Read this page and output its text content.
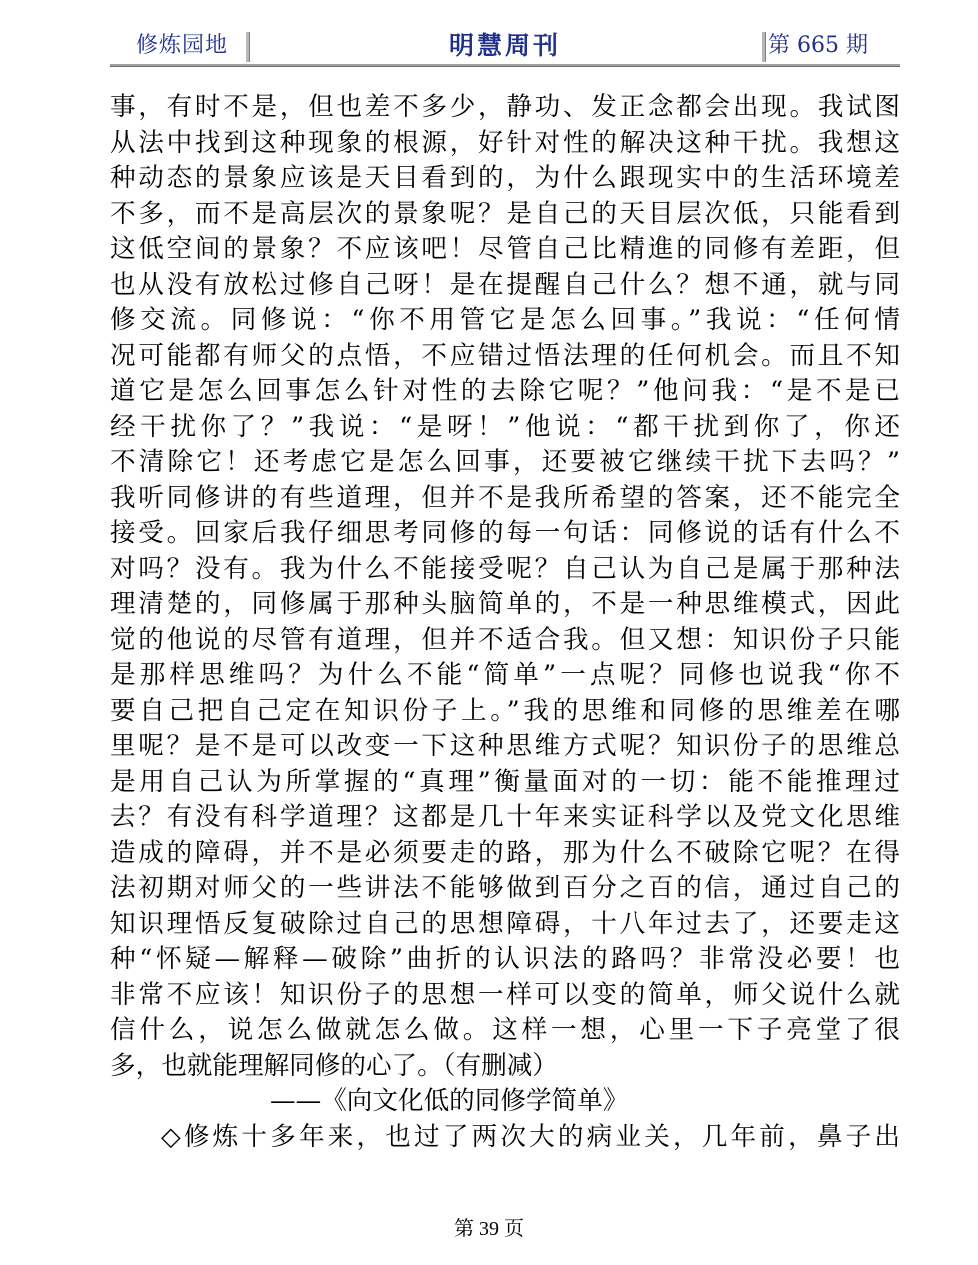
修炼园地	明慧周刊	第 665 期
事，有时不是，但也差不多少，静功、发正念都会出现。我试图
从法中找到这种现象的根源，好针对性的解决这种干扰。我想这
种动态的景象应该是天目看到的，为什么跟现实中的生活环境差
不多，而不是高层次的景象呢？是自己的天目层次低，只能看到
这低空间的景象？不应该吧！尽管自己比精進的同修有差距，但
也从没有放松过修自己呀！是在提醒自己什么？想不通，就与同
修交流。同修说：“你不用管它是怎么回事。”我说：“任何情
况可能都有师父的点悟，不应错过悟法理的任何机会。而且不知
道它是怎么回事怎么针对性的去除它呢？”他问我：“是不是已
经干扰你了？”我说：“是呀！”他说：“都干扰到你了，你还
不清除它！还考虑它是怎么回事，还要被它继续干扰下去吗？”
我听同修讲的有些道理，但并不是我所希望的答案，还不能完全
接受。回家后我仔细思考同修的每一句话：同修说的话有什么不
对吗？没有。我为什么不能接受呢？自己认为自己是属于那种法
理清楚的，同修属于那种头脑简单的，不是一种思维模式，因此
觉的他说的尽管有道理，但并不适合我。但又想：知识份子只能
是那样思维吗？为什么不能“简单”一点呢？同修也说我“你不
要自己把自己定在知识份子上。”我的思维和同修的思维差在哪
里呢？是不是可以改变一下这种思维方式呢？知识份子的思维总
是用自己认为所掌握的“真理”衡量面对的一切：能不能推理过
去？有没有科学道理？这都是几十年来实证科学以及党文化思维
造成的障碍，并不是必须要走的路，那为什么不破除它呢？在得
法初期对师父的一些讲法不能够做到百分之百的信，通过自己的
知识理悟反复破除过自己的思想障碍，十八年过去了，还要走这
种“怀疑—解释—破除”曲折的认识法的路吗？非常没必要！也
非常不应该！知识份子的思想一样可以变的简单，师父说什么就
信什么，说怎么做就怎么做。这样一想，心里一下子亮堂了很
多，也就能理解同修的心了。（有删减）
——《向文化低的同修学简单》
◇修炼十多年来，也过了两次大的病业关，几年前，鼻子出
第 39 页
